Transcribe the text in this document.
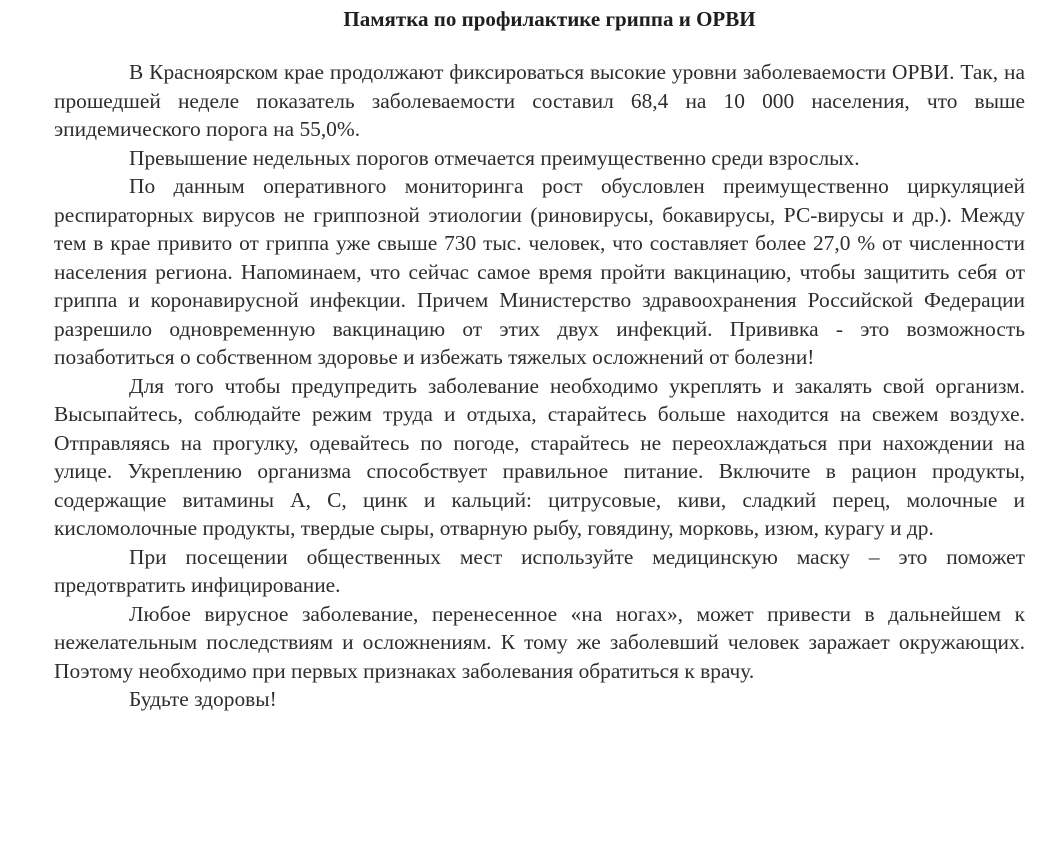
Памятка по профилактике гриппа и ОРВИ

В Красноярском крае продолжают фиксироваться высокие уровни заболеваемости ОРВИ. Так, на прошедшей неделе показатель заболеваемости составил 68,4 на 10 000 населения, что выше эпидемического порога на 55,0%.

Превышение недельных порогов отмечается преимущественно среди взрослых.

По данным оперативного мониторинга рост обусловлен преимущественно циркуляцией респираторных вирусов не гриппозной этиологии (риновирусы, бокавирусы, РС-вирусы и др.). Между тем в крае привито от гриппа уже свыше 730 тыс. человек, что составляет более 27,0 % от численности населения региона. Напоминаем, что сейчас самое время пройти вакцинацию, чтобы защитить себя от гриппа и коронавирусной инфекции. Причем Министерство здравоохранения Российской Федерации разрешило одновременную вакцинацию от этих двух инфекций. Прививка - это возможность позаботиться о собственном здоровье и избежать тяжелых осложнений от болезни!

Для того чтобы предупредить заболевание необходимо укреплять и закалять свой организм. Высыпайтесь, соблюдайте режим труда и отдыха, старайтесь больше находится на свежем воздухе. Отправляясь на прогулку, одевайтесь по погоде, старайтесь не переохлаждаться при нахождении на улице. Укреплению организма способствует правильное питание. Включите в рацион продукты, содержащие витамины А, С, цинк и кальций: цитрусовые, киви, сладкий перец, молочные и кисломолочные продукты, твердые сыры, отварную рыбу, говядину, морковь, изюм, курагу и др.

При посещении общественных мест используйте медицинскую маску – это поможет предотвратить инфицирование.

Любое вирусное заболевание, перенесенное «на ногах», может привести в дальнейшем к нежелательным последствиям и осложнениям. К тому же заболевший человек заражает окружающих. Поэтому необходимо при первых признаках заболевания обратиться к врачу.

Будьте здоровы!
